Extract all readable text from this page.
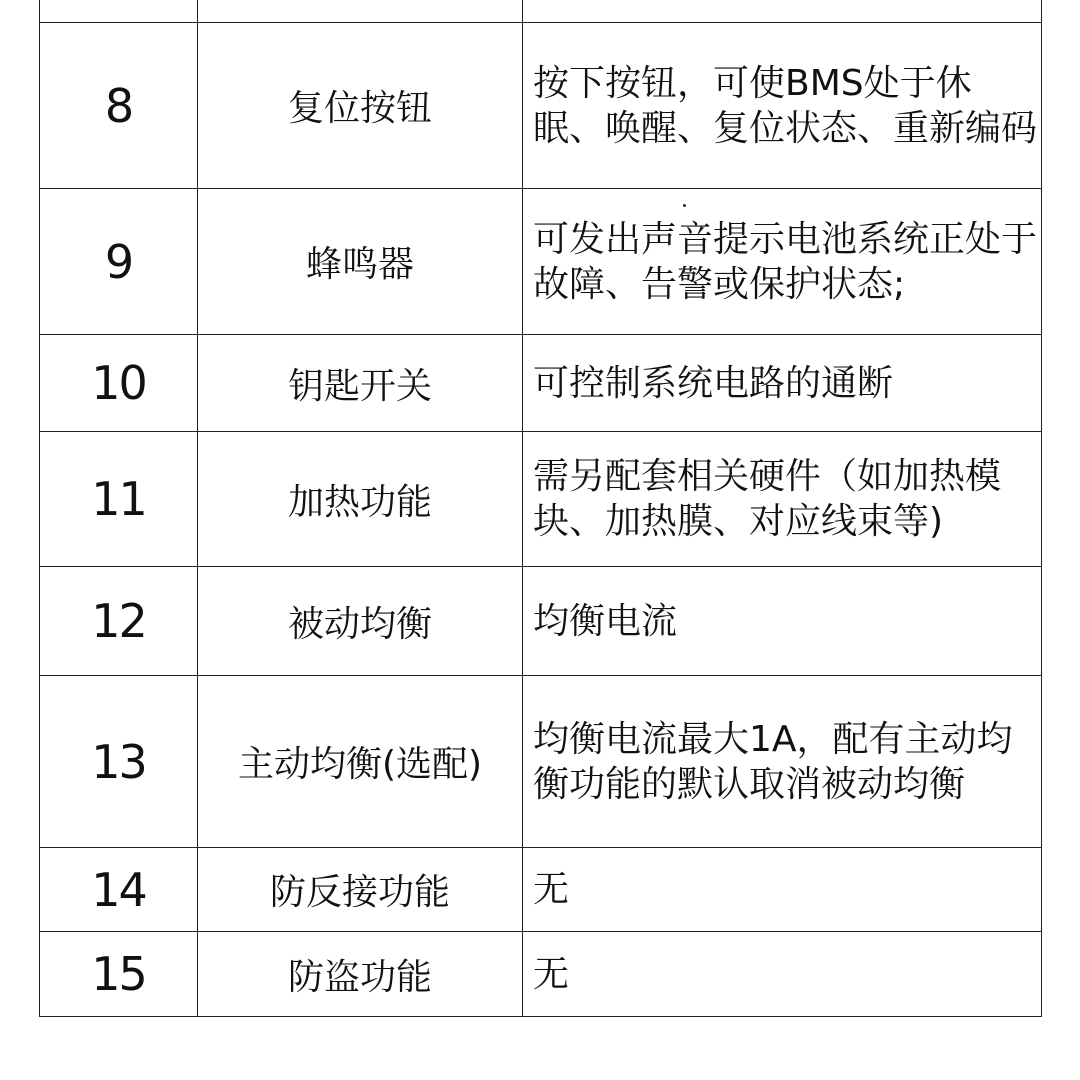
8	复位按钮	按下按钮，可使BMS处于休眠、唤醒、复位状态、重新编码
9	蜂鸣器	可发出声音提示电池系统正处于故障、告警或保护状态;
10	钥匙开关	可控制系统电路的通断
11	加热功能	需另配套相关硬件（如加热模块、加热膜、对应线束等)
12	被动均衡	均衡电流
13	主动均衡(选配)	均衡电流最大1A，配有主动均衡功能的默认取消被动均衡
14	防反接功能	无
15	防盗功能	无
